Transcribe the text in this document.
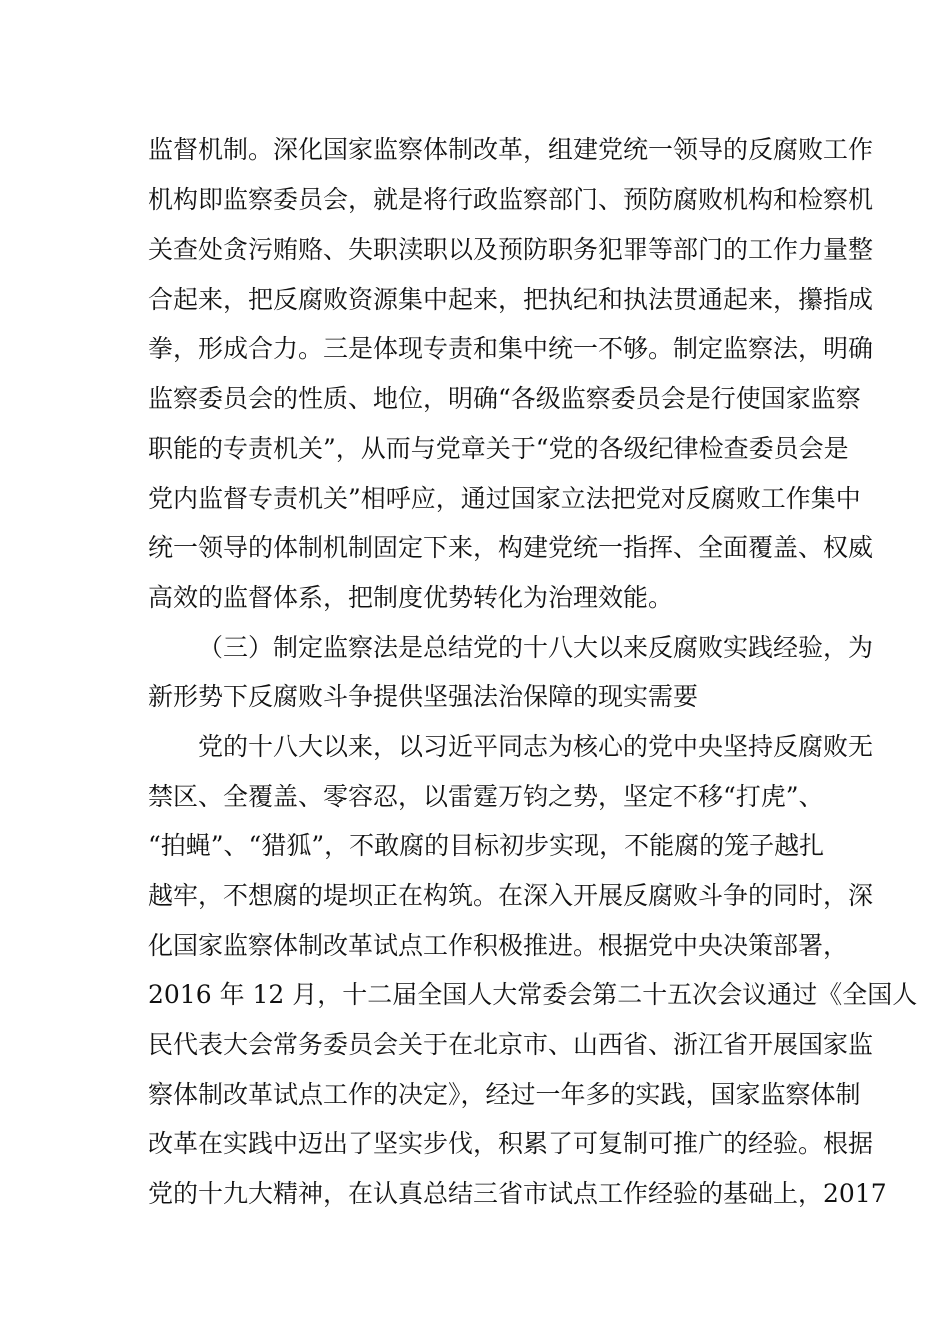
监督机制。深化国家监察体制改革，组建党统一领导的反腐败工作
机构即监察委员会，就是将行政监察部门、预防腐败机构和检察机
关查处贪污贿赂、失职渎职以及预防职务犯罪等部门的工作力量整
合起来，把反腐败资源集中起来，把执纪和执法贯通起来，攥指成
拳，形成合力。三是体现专责和集中统一不够。制定监察法，明确
监察委员会的性质、地位，明确“各级监察委员会是行使国家监察
职能的专责机关”，从而与党章关于“党的各级纪律检查委员会是
党内监督专责机关”相呼应，通过国家立法把党对反腐败工作集中
统一领导的体制机制固定下来，构建党统一指挥、全面覆盖、权威
高效的监督体系，把制度优势转化为治理效能。
（三）制定监察法是总结党的十八大以来反腐败实践经验，为
新形势下反腐败斗争提供坚强法治保障的现实需要
党的十八大以来，以习近平同志为核心的党中央坚持反腐败无
禁区、全覆盖、零容忍，以雷霆万钧之势，坚定不移“打虎”、
“拍蝇”、“猎狐”，不敢腐的目标初步实现，不能腐的笼子越扎
越牢，不想腐的堤坝正在构筑。在深入开展反腐败斗争的同时，深
化国家监察体制改革试点工作积极推进。根据党中央决策部署，
2016 年 12 月，十二届全国人大常委会第二十五次会议通过《全国人
民代表大会常务委员会关于在北京市、山西省、浙江省开展国家监
察体制改革试点工作的决定》，经过一年多的实践，国家监察体制
改革在实践中迈出了坚实步伐，积累了可复制可推广的经验。根据
党的十九大精神，在认真总结三省市试点工作经验的基础上，2017
